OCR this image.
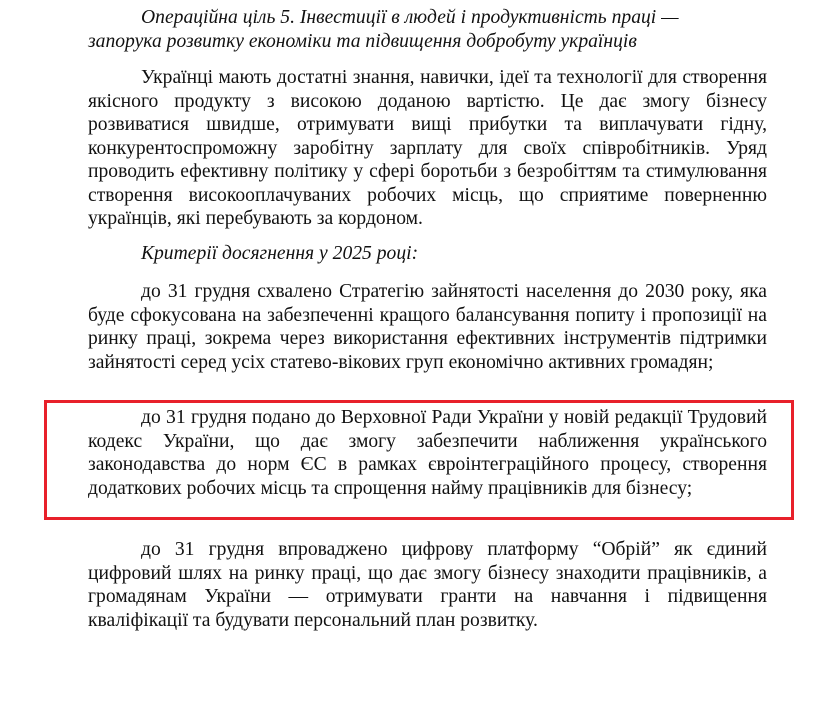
Операційна ціль 5. Інвестиції в людей і продуктивність праці —
запорука розвитку економіки та підвищення добробуту українців

Українці мають достатні знання, навички, ідеї та технології для створення якісного продукту з високою доданою вартістю. Це дає змогу бізнесу розвиватися швидше, отримувати вищі прибутки та виплачувати гідну, конкурентоспроможну заробітну зарплату для своїх співробітників. Уряд проводить ефективну політику у сфері боротьби з безробіттям та стимулювання створення високооплачуваних робочих місць, що сприятиме поверненню українців, які перебувають за кордоном.

Критерії досягнення у 2025 році:

до 31 грудня схвалено Стратегію зайнятості населення до 2030 року, яка буде сфокусована на забезпеченні кращого балансування попиту і пропозиції на ринку праці, зокрема через використання ефективних інструментів підтримки зайнятості серед усіх статево-вікових груп економічно активних громадян;

до 31 грудня подано до Верховної Ради України у новій редакції Трудовий кодекс України, що дає змогу забезпечити наближення українського законодавства до норм ЄС в рамках євроінтеграційного процесу, створення додаткових робочих місць та спрощення найму працівників для бізнесу;

до 31 грудня впроваджено цифрову платформу “Обрій” як єдиний цифровий шлях на ринку праці, що дає змогу бізнесу знаходити працівників, а громадянам України — отримувати гранти на навчання і підвищення кваліфікації та будувати персональний план розвитку.
